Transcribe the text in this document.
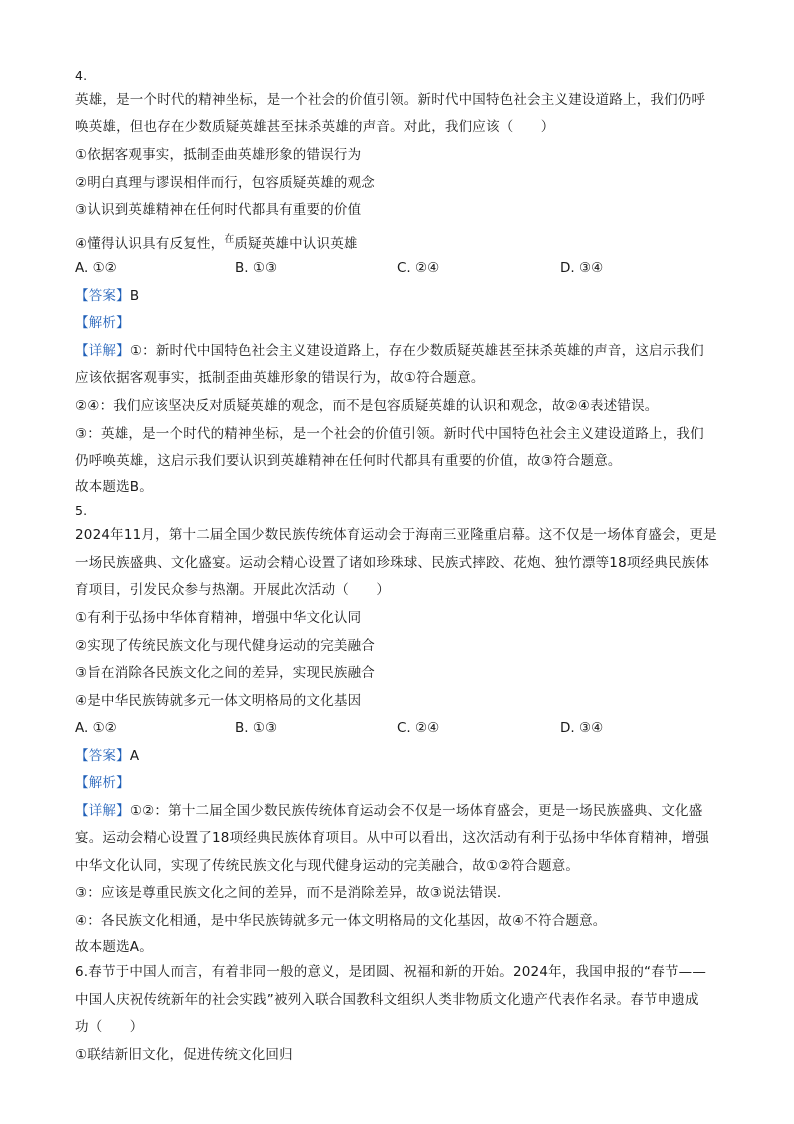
4.
英雄，是一个时代的精神坐标，是一个社会的价值引领。新时代中国特色社会主义建设道路上，我们仍呼
唤英雄，但也存在少数质疑英雄甚至抹杀英雄的声音。对此，我们应该（　　）
①依据客观事实，抵制歪曲英雄形象的错误行为
②明白真理与谬误相伴而行，包容质疑英雄的观念
③认识到英雄精神在任何时代都具有重要的价值
④懂得认识具有反复性，$^在$质疑英雄中认识英雄
A. ①②	B. ①③	C. ②④	D. ③④
【答案】B
【解析】
【详解】①：新时代中国特色社会主义建设道路上，存在少数质疑英雄甚至抹杀英雄的声音，这启示我们
应该依据客观事实，抵制歪曲英雄形象的错误行为，故①符合题意。
②④：我们应该坚决反对质疑英雄的观念，而不是包容质疑英雄的认识和观念，故②④表述错误。
③：英雄，是一个时代的精神坐标，是一个社会的价值引领。新时代中国特色社会主义建设道路上，我们
仍呼唤英雄，这启示我们要认识到英雄精神在任何时代都具有重要的价值，故③符合题意。
故本题选B。
5.
2024年11月，第十二届全国少数民族传统体育运动会于海南三亚隆重启幕。这不仅是一场体育盛会，更是
一场民族盛典、文化盛宴。运动会精心设置了诸如珍珠球、民族式摔跤、花炮、独竹漂等18项经典民族体
育项目，引发民众参与热潮。开展此次活动（　　）
①有利于弘扬中华体育精神，增强中华文化认同
②实现了传统民族文化与现代健身运动的完美融合
③旨在消除各民族文化之间的差异，实现民族融合
④是中华民族铸就多元一体文明格局的文化基因
A. ①②	B. ①③	C. ②④	D. ③④
【答案】A
【解析】
【详解】①②：第十二届全国少数民族传统体育运动会不仅是一场体育盛会，更是一场民族盛典、文化盛
宴。运动会精心设置了18项经典民族体育项目。从中可以看出，这次活动有利于弘扬中华体育精神，增强
中华文化认同，实现了传统民族文化与现代健身运动的完美融合，故①②符合题意。
③：应该是尊重民族文化之间的差异，而不是消除差异，故③说法错误.
④：各民族文化相通，是中华民族铸就多元一体文明格局的文化基因，故④不符合题意。
故本题选A。
6.春节于中国人而言，有着非同一般的意义，是团圆、祝福和新的开始。2024年，我国申报的“春节——
中国人庆祝传统新年的社会实践”被列入联合国教科文组织人类非物质文化遗产代表作名录。春节申遗成
功（　　）
①联结新旧文化，促进传统文化回归
